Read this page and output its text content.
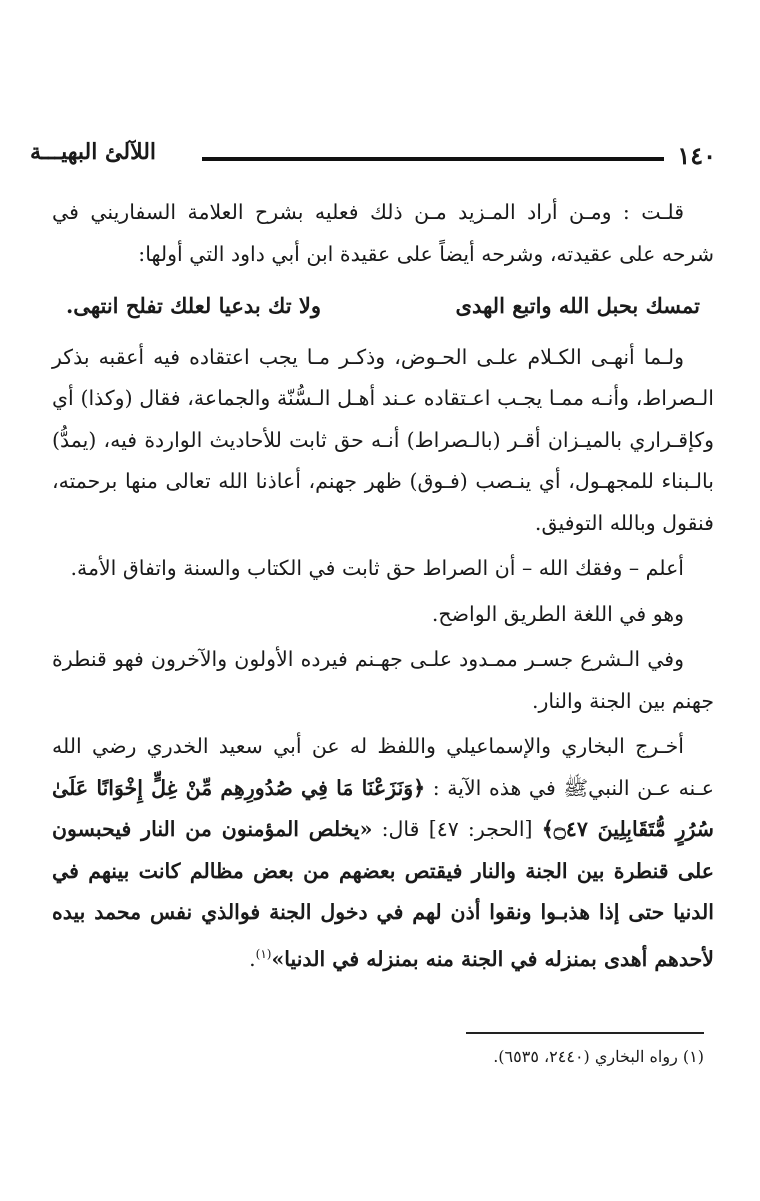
١٤٠
اللآلئ البهيـــة

قلـت : ومـن أراد المـزيد مـن ذلك فعليه بشرح العلامة السفاريني في شرحه على عقيدته، وشرحه أيضاً على عقيدة ابن أبي داود التي أولها:

تمسك بحبل الله واتبع الهدى
ولا تك بدعيا لعلك تفلح انتهى.

ولـما أنهـى الكـلام علـى الحـوض، وذكـر مـا يجب اعتقاده فيه أعقبه بذكر الـصراط، وأنـه ممـا يجـب اعـتقاده عـند أهـل الـسُّنّة والجماعة، فقال (وكذا) أي وكإقـراري بالميـزان أقـر (بالـصراط) أنـه حق ثابت للأحاديث الواردة فيه، (يمدُّ) بالـبناء للمجهـول، أي ينـصب (فـوق) ظهر جهنم، أعاذنا الله تعالى منها برحمته، فنقول وبالله التوفيق.

أعلم – وفقك الله – أن الصراط حق ثابت في الكتاب والسنة واتفاق الأمة.

وهو في اللغة الطريق الواضح.

وفي الـشرع جسـر ممـدود علـى جهـنم فيرده الأولون والآخرون فهو قنطرة جهنم بين الجنة والنار.

أخـرج البخاري والإسماعيلي واللفظ له عن أبي سعيد الخدري رضي الله عـنه عـن النبيﷺ في هذه الآية : ﴿وَنَزَعْنَا مَا فِي صُدُورِهِم مِّنْ غِلٍّ إِخْوَانًا عَلَىٰ سُرُرٍ مُّتَقَابِلِينَ ۝٤٧﴾ [الحجر: ٤٧] قال: «يخلص المؤمنون من النار فيحبسون على قنطرة بين الجنة والنار فيقتص بعضهم من بعض مظالم كانت بينهم في الدنيا حتى إذا هذبـوا ونقوا أذن لهم في دخول الجنة فوالذي نفس محمد بيده لأحدهم أهدى بمنزله في الجنة منه بمنزله في الدنيا»$^{(١)}$.

(١) رواه البخاري (٢٤٤٠، ٦٥٣٥).
